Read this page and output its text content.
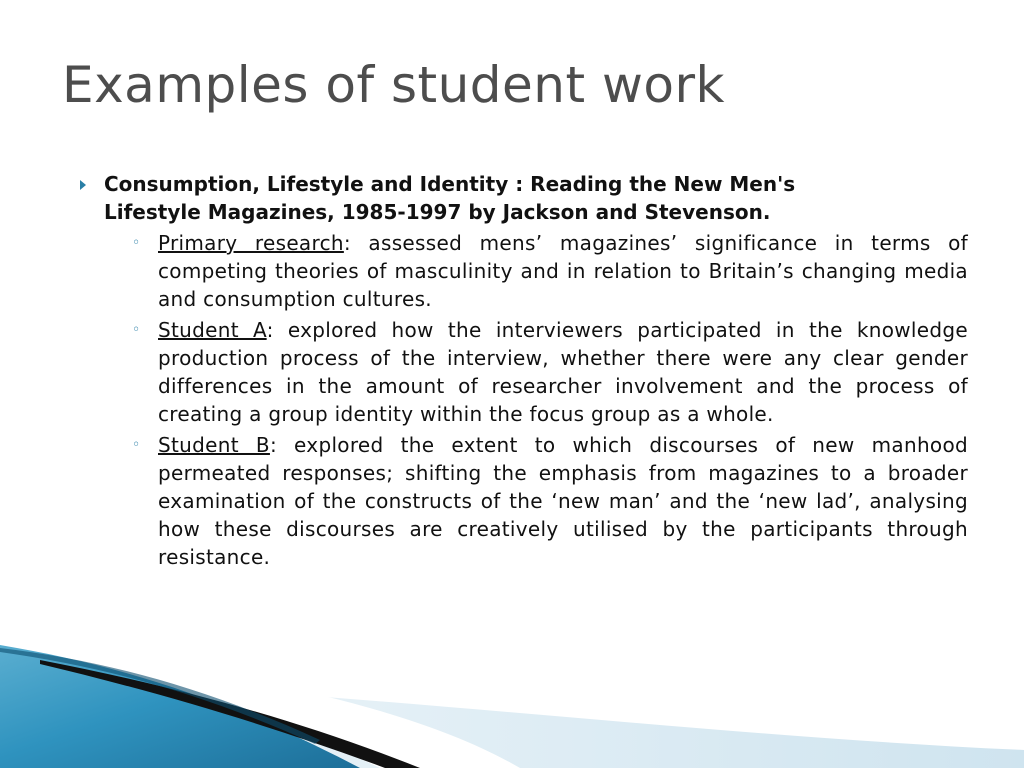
Examples of student work
Consumption, Lifestyle and Identity : Reading the New Men's
Lifestyle Magazines, 1985-1997 by Jackson and Stevenson.
◦ Primary research: assessed mens’ magazines’ significance in terms of competing theories of masculinity and in relation to Britain’s changing media and consumption cultures.
◦ Student A: explored how the interviewers participated in the knowledge production process of the interview, whether there were any clear gender differences in the amount of researcher involvement and the process of creating a group identity within the focus group as a whole.
◦ Student B: explored the extent to which discourses of new manhood permeated responses; shifting the emphasis from magazines to a broader examination of the constructs of the ‘new man’ and the ‘new lad’, analysing how these discourses are creatively utilised by the participants through resistance.
